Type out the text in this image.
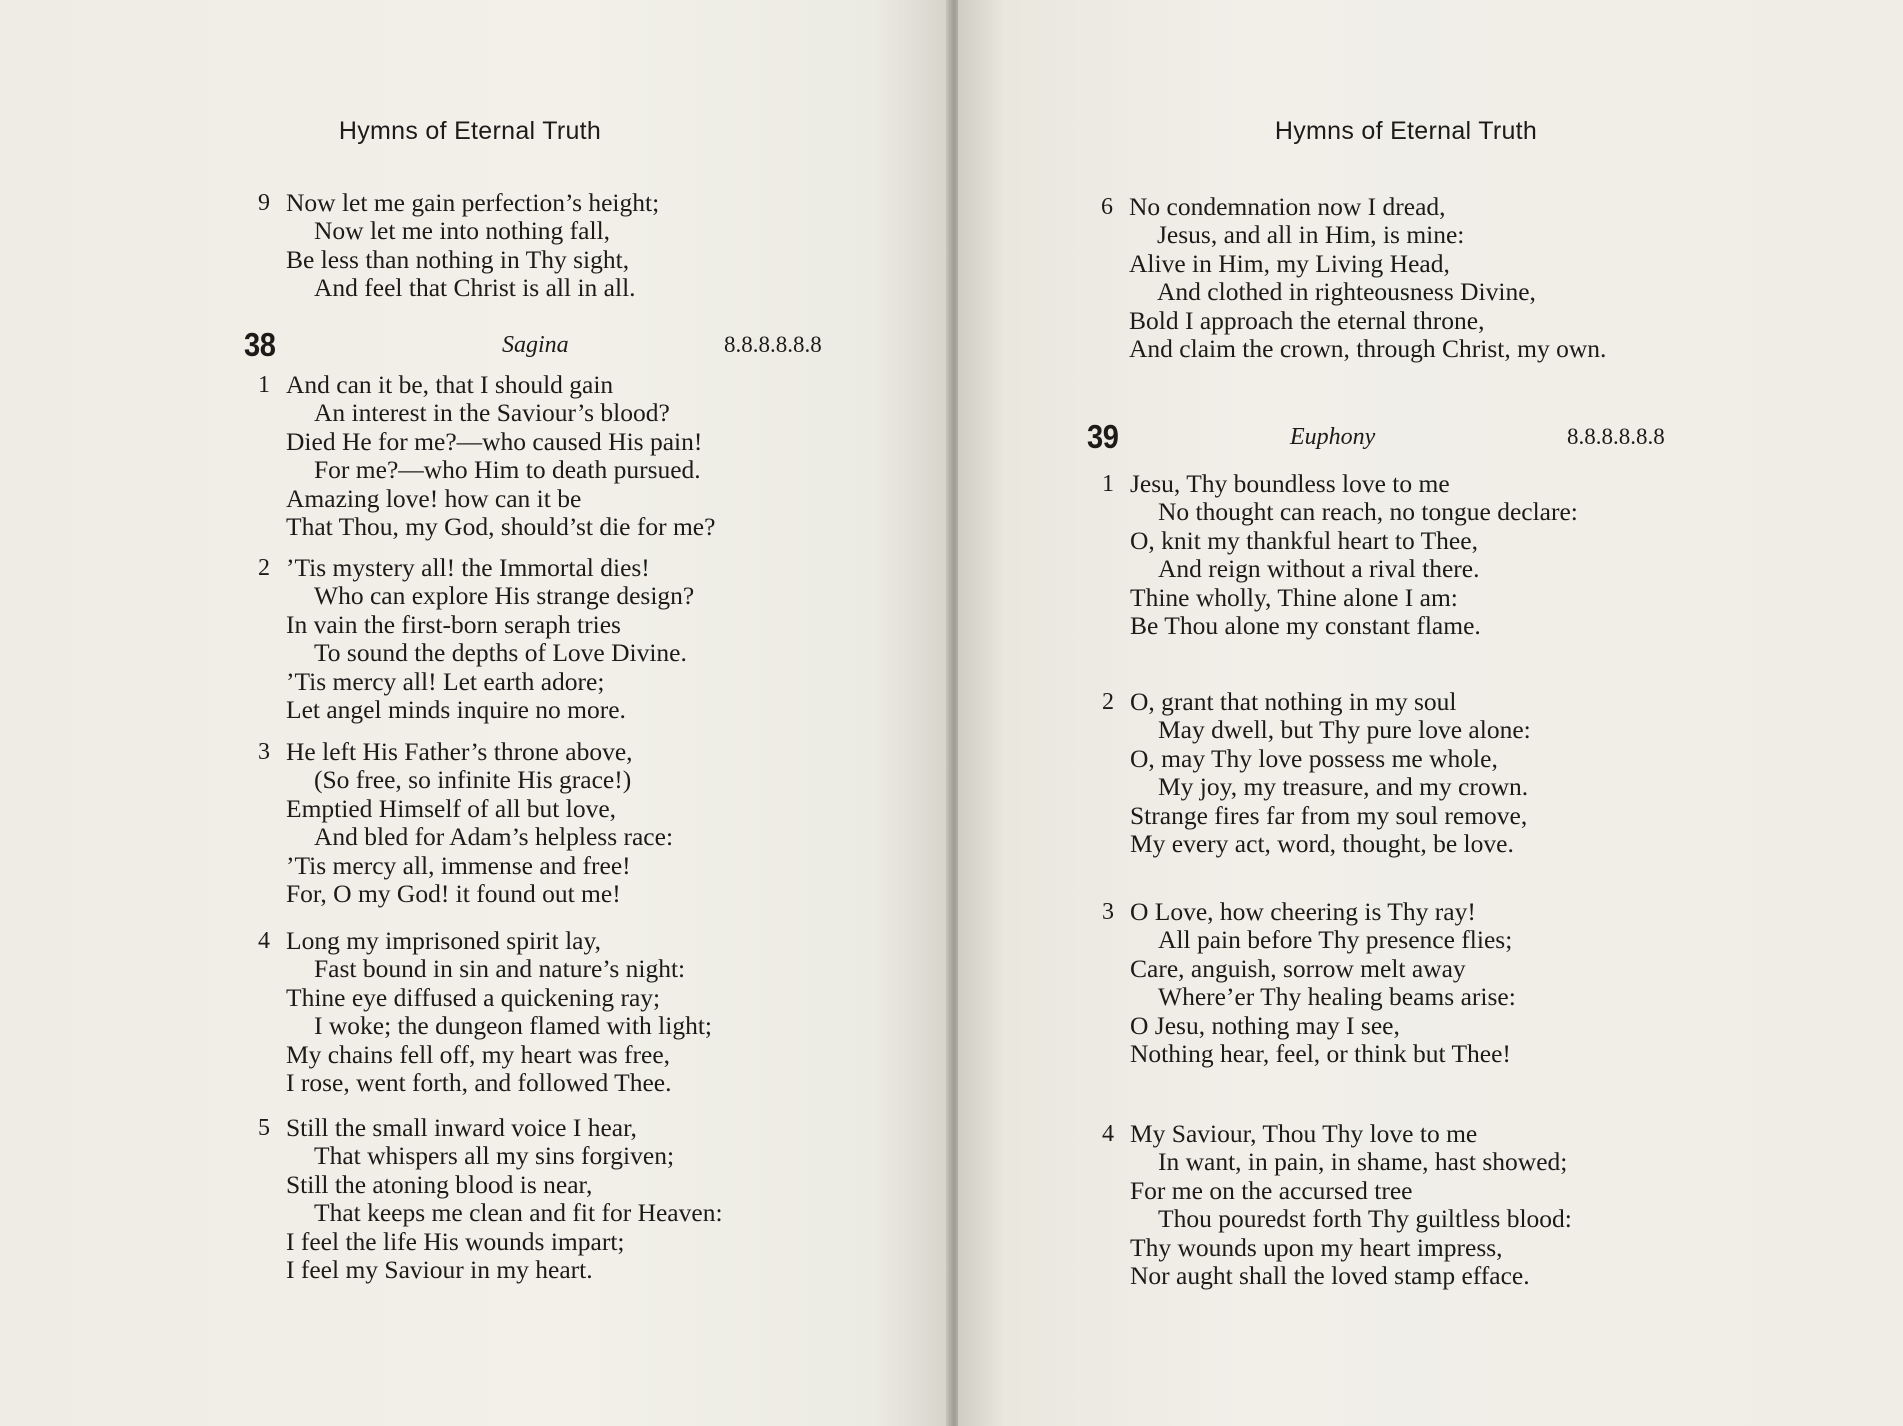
Hymns of Eternal Truth
9 Now let me gain perfection’s height;
Now let me into nothing fall,
Be less than nothing in Thy sight,
And feel that Christ is all in all.
38	Sagina	8.8.8.8.8.8
1 And can it be, that I should gain
An interest in the Saviour’s blood?
Died He for me?—who caused His pain!
For me?—who Him to death pursued.
Amazing love! how can it be
That Thou, my God, should’st die for me?
2 ’Tis mystery all! the Immortal dies!
Who can explore His strange design?
In vain the first-born seraph tries
To sound the depths of Love Divine.
’Tis mercy all! Let earth adore;
Let angel minds inquire no more.
3 He left His Father’s throne above,
(So free, so infinite His grace!)
Emptied Himself of all but love,
And bled for Adam’s helpless race:
’Tis mercy all, immense and free!
For, O my God! it found out me!
4 Long my imprisoned spirit lay,
Fast bound in sin and nature’s night:
Thine eye diffused a quickening ray;
I woke; the dungeon flamed with light;
My chains fell off, my heart was free,
I rose, went forth, and followed Thee.
5 Still the small inward voice I hear,
That whispers all my sins forgiven;
Still the atoning blood is near,
That keeps me clean and fit for Heaven:
I feel the life His wounds impart;
I feel my Saviour in my heart.
Hymns of Eternal Truth
6 No condemnation now I dread,
Jesus, and all in Him, is mine:
Alive in Him, my Living Head,
And clothed in righteousness Divine,
Bold I approach the eternal throne,
And claim the crown, through Christ, my own.
39	Euphony	8.8.8.8.8.8
1 Jesu, Thy boundless love to me
No thought can reach, no tongue declare:
O, knit my thankful heart to Thee,
And reign without a rival there.
Thine wholly, Thine alone I am:
Be Thou alone my constant flame.
2 O, grant that nothing in my soul
May dwell, but Thy pure love alone:
O, may Thy love possess me whole,
My joy, my treasure, and my crown.
Strange fires far from my soul remove,
My every act, word, thought, be love.
3 O Love, how cheering is Thy ray!
All pain before Thy presence flies;
Care, anguish, sorrow melt away
Where’er Thy healing beams arise:
O Jesu, nothing may I see,
Nothing hear, feel, or think but Thee!
4 My Saviour, Thou Thy love to me
In want, in pain, in shame, hast showed;
For me on the accursed tree
Thou pouredst forth Thy guiltless blood:
Thy wounds upon my heart impress,
Nor aught shall the loved stamp efface.
